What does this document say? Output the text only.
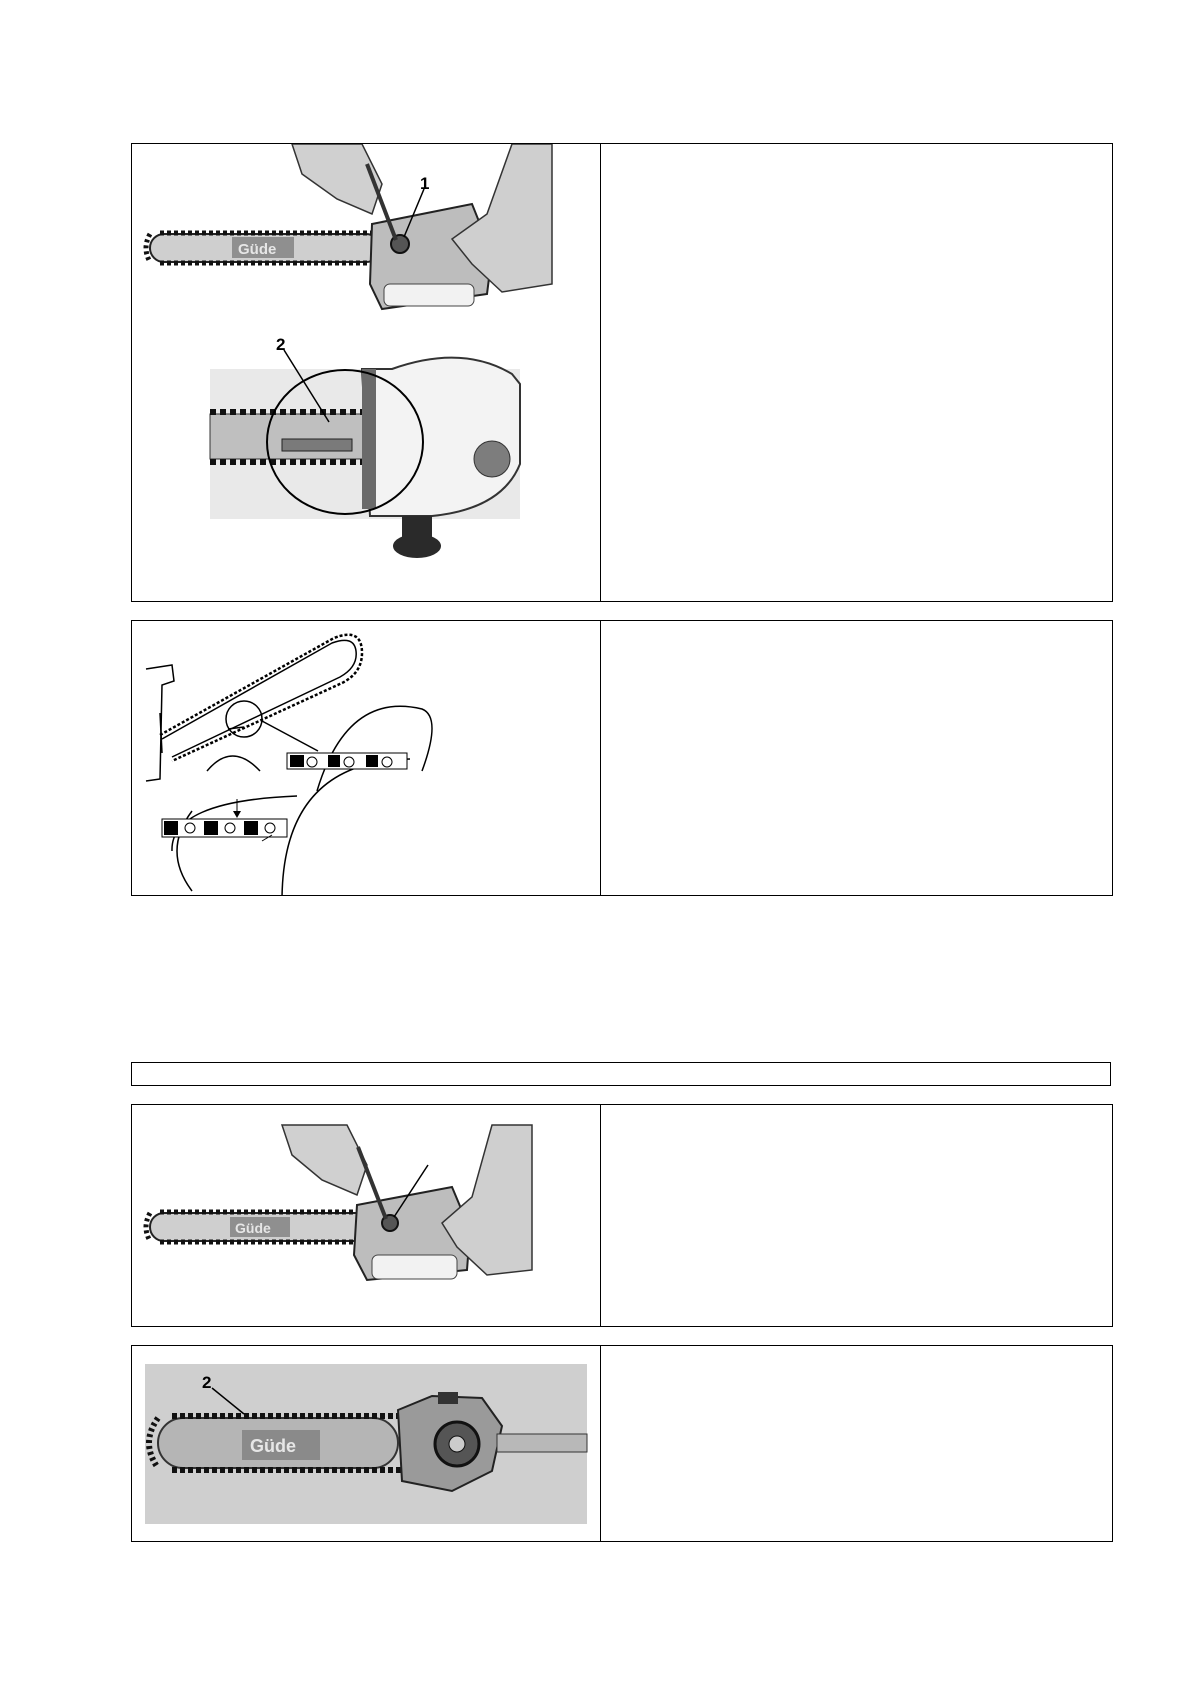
Güde
1
2
Güde
Güde
2
